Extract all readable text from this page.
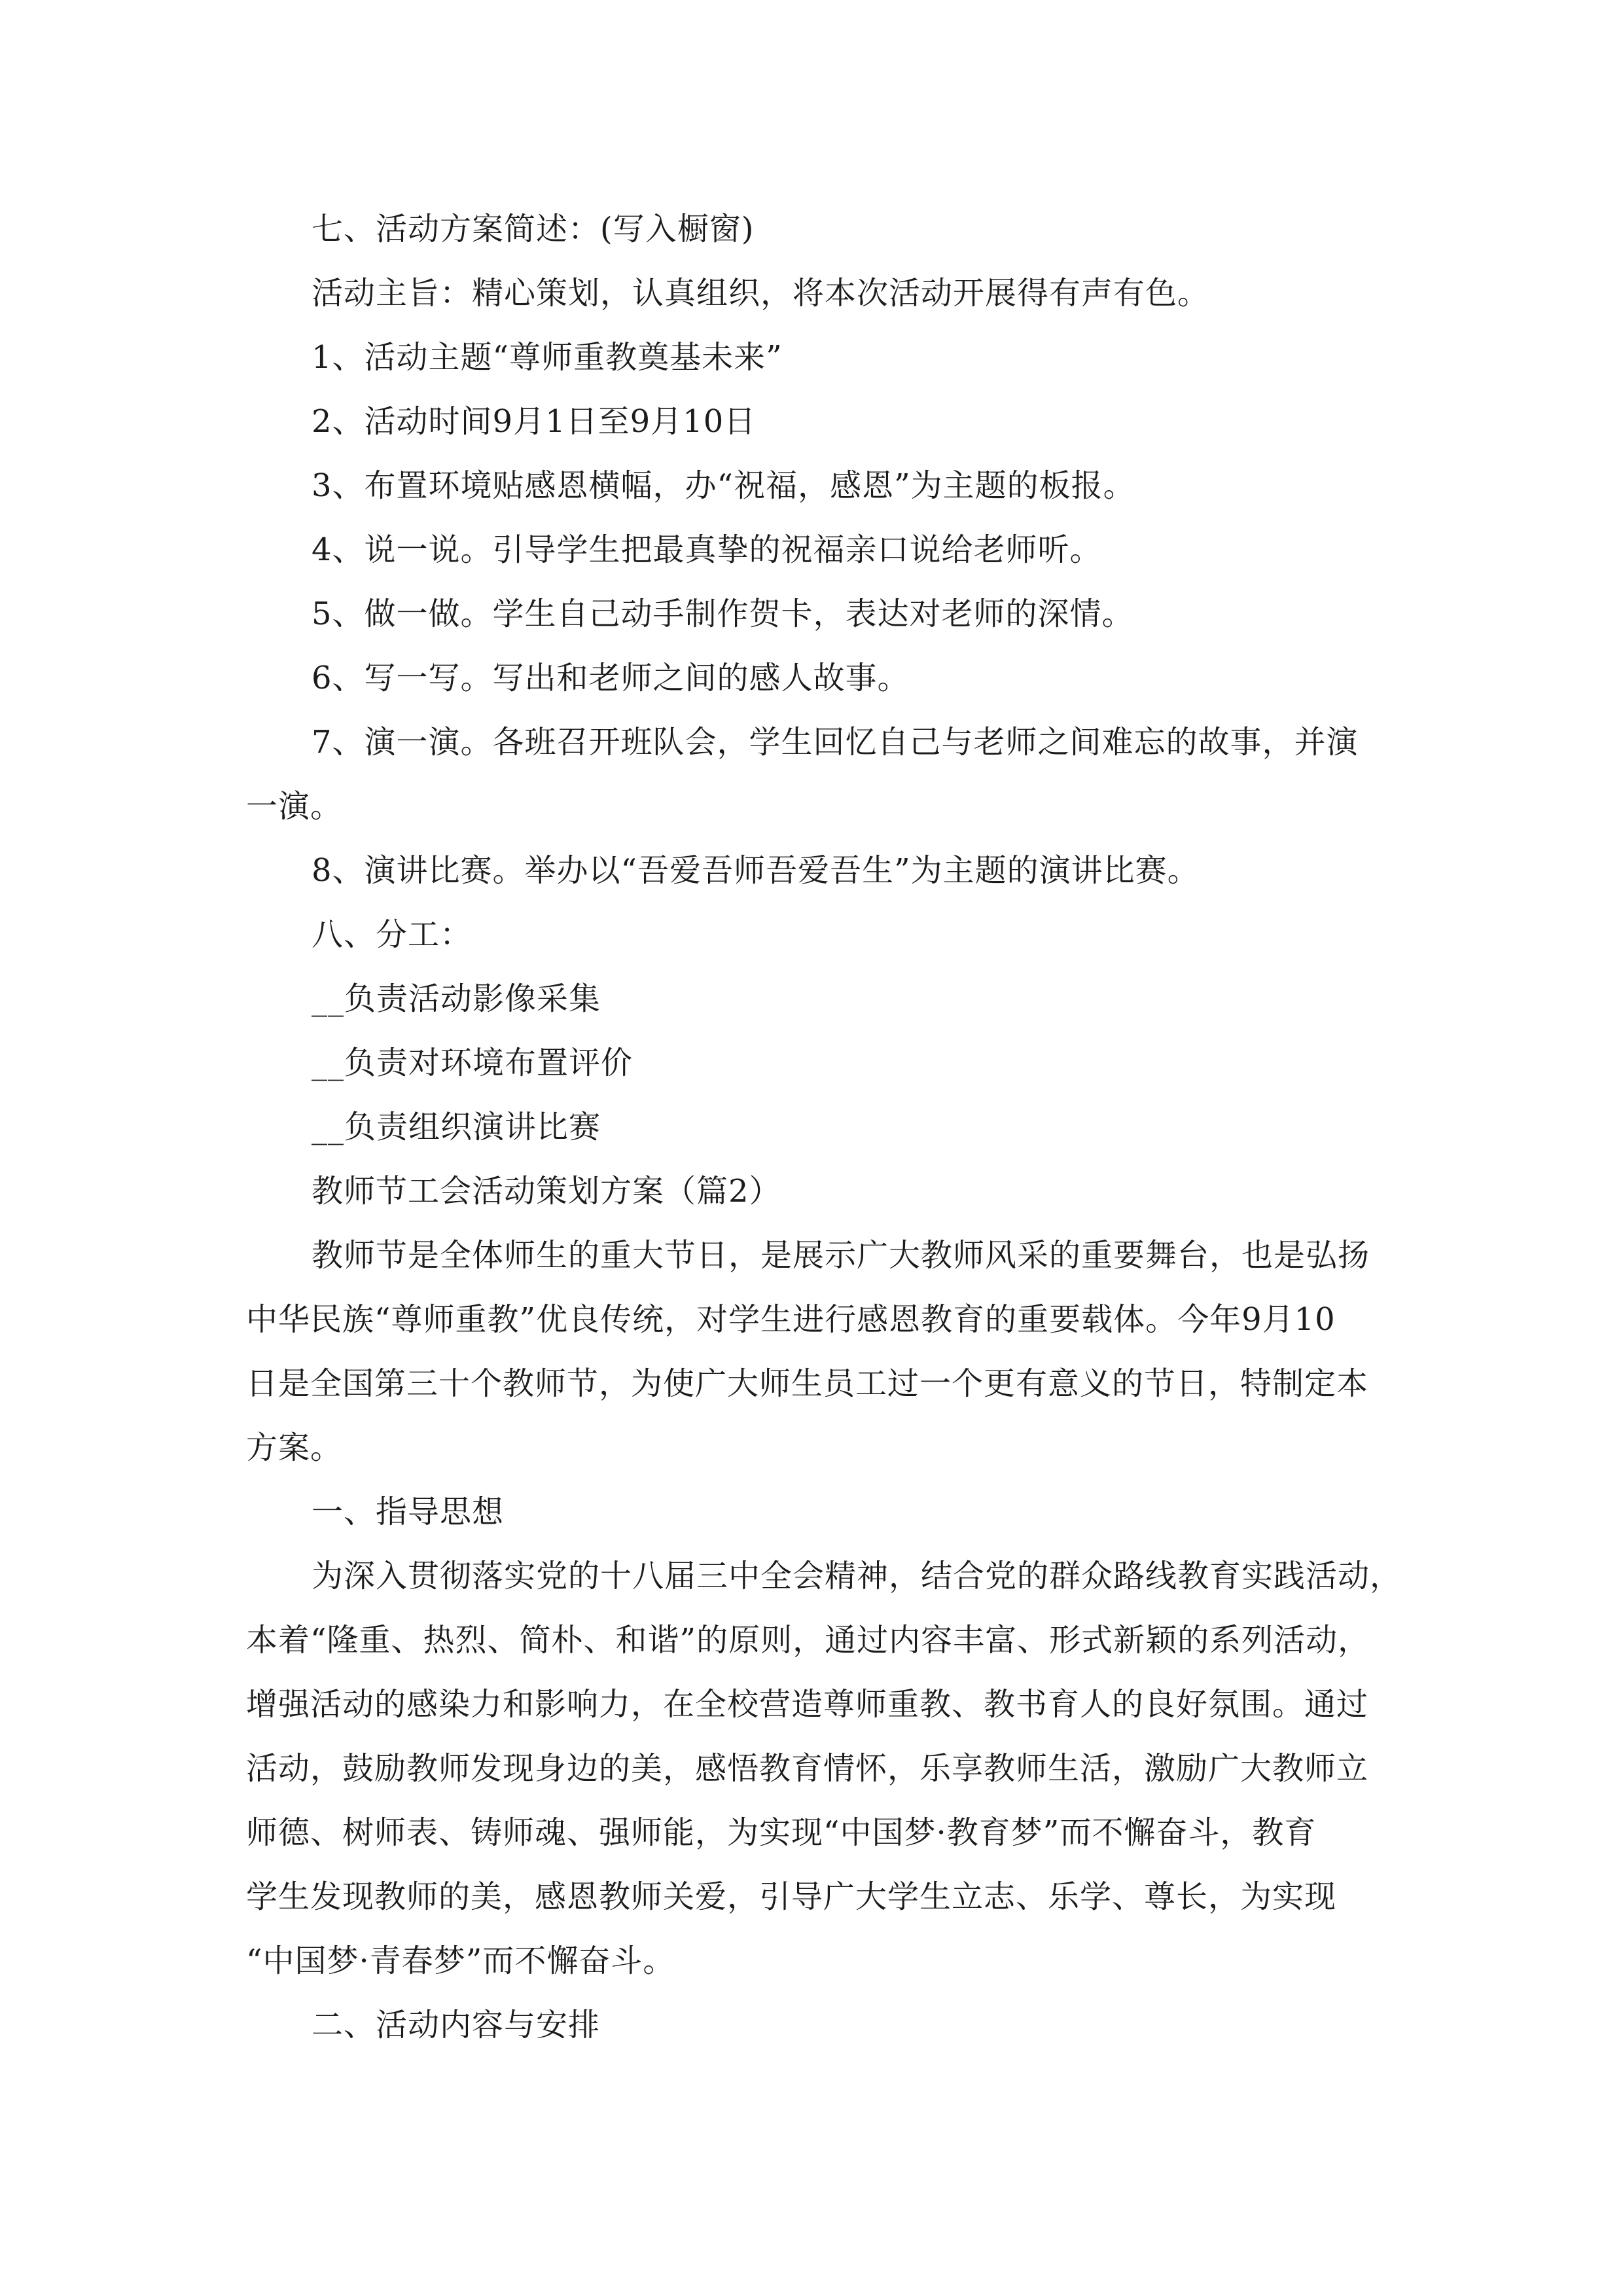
七、活动方案简述：(写入橱窗)

活动主旨：精心策划，认真组织，将本次活动开展得有声有色。

1、活动主题“尊师重教奠基未来”

2、活动时间9月1日至9月10日

3、布置环境贴感恩横幅，办“祝福，感恩”为主题的板报。

4、说一说。引导学生把最真挚的祝福亲口说给老师听。

5、做一做。学生自己动手制作贺卡，表达对老师的深情。

6、写一写。写出和老师之间的感人故事。

7、演一演。各班召开班队会，学生回忆自己与老师之间难忘的故事，并演

一演。

8、演讲比赛。举办以“吾爱吾师吾爱吾生”为主题的演讲比赛。

八、分工：

__负责活动影像采集

__负责对环境布置评价

__负责组织演讲比赛

教师节工会活动策划方案（篇2）

教师节是全体师生的重大节日，是展示广大教师风采的重要舞台，也是弘扬

中华民族“尊师重教”优良传统，对学生进行感恩教育的重要载体。今年9月10

日是全国第三十个教师节，为使广大师生员工过一个更有意义的节日，特制定本

方案。

一、指导思想

为深入贯彻落实党的十八届三中全会精神，结合党的群众路线教育实践活动，

本着“隆重、热烈、简朴、和谐”的原则，通过内容丰富、形式新颖的系列活动，

增强活动的感染力和影响力，在全校营造尊师重教、教书育人的良好氛围。通过

活动，鼓励教师发现身边的美，感悟教育情怀，乐享教师生活，激励广大教师立

师德、树师表、铸师魂、强师能，为实现“中国梦·教育梦”而不懈奋斗，教育

学生发现教师的美，感恩教师关爱，引导广大学生立志、乐学、尊长，为实现

“中国梦·青春梦”而不懈奋斗。

二、活动内容与安排
